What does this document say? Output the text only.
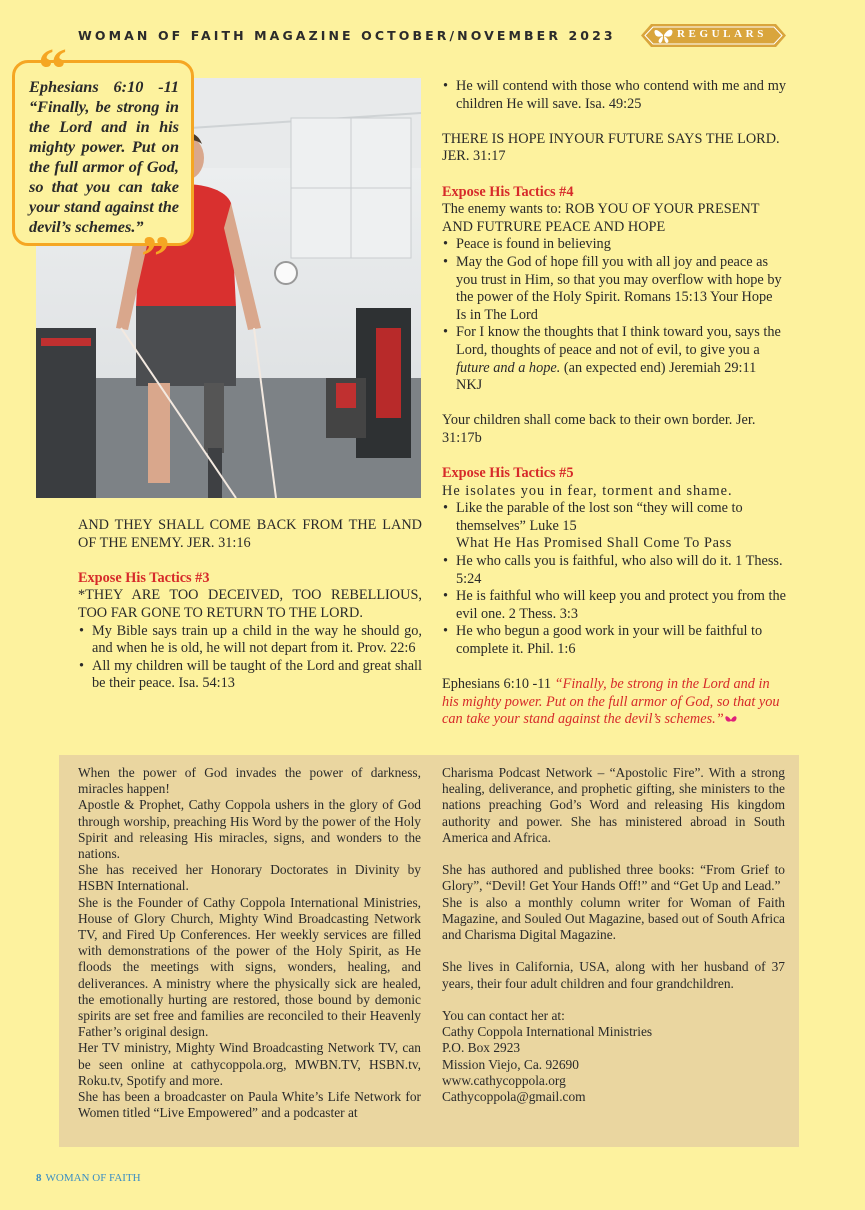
WOMAN OF FAITH MAGAZINE OCTOBER/NOVEMBER 2023	REGULARS

Ephesians 6:10 -11 “Finally, be strong in the Lord and in his mighty power. Put on the full armor of God, so that you can take your stand against the devil’s schemes.”

“
”

AND THEY SHALL COME BACK FROM THE LAND OF THE ENEMY. JER. 31:16

Expose His Tactics #3

*THEY ARE TOO DECEIVED, TOO REBELLIOUS, TOO FAR GONE TO RETURN TO THE LORD.

• My Bible says train up a child in the way he should go, and when he is old, he will not depart from it. Prov. 22:6
• All my children will be taught of the Lord and great shall be their peace. Isa. 54:13
• He will contend with those who contend with me and my children He will save. Isa. 49:25

THERE IS HOPE INYOUR FUTURE SAYS THE LORD. JER. 31:17

Expose His Tactics #4

The enemy wants to: ROB YOU OF YOUR PRESENT AND FUTRURE PEACE AND HOPE

• Peace is found in believing
• May the God of hope fill you with all joy and peace as you trust in Him, so that you may overflow with hope by the power of the Holy Spirit. Romans 15:13 Your Hope Is in The Lord
• For I know the thoughts that I think toward you, says the Lord, thoughts of peace and not of evil, to give you a future and a hope. (an expected end) Jeremiah 29:11 NKJ

Your children shall come back to their own border. Jer. 31:17b

Expose His Tactics #5

He isolates you in fear, torment and shame.

• Like the parable of the lost son “they will come to themselves” Luke 15
What He Has Promised Shall Come To Pass
• He who calls you is faithful, who also will do it. 1 Thess. 5:24
• He is faithful who will keep you and protect you from the evil one. 2 Thess. 3:3
• He who begun a good work in your will be faithful to complete it. Phil. 1:6

Ephesians 6:10 -11 “Finally, be strong in the Lord and in his mighty power. Put on the full armor of God, so that you can take your stand against the devil’s schemes.”

When the power of God invades the power of darkness, miracles happen!

Apostle & Prophet, Cathy Coppola ushers in the glory of God through worship, preaching His Word by the power of the Holy Spirit and releasing His miracles, signs, and wonders to the nations.

She has received her Honorary Doctorates in Divinity by HSBN International.

She is the Founder of Cathy Coppola International Ministries, House of Glory Church, Mighty Wind Broadcasting Network TV, and Fired Up Conferences. Her weekly services are filled with demonstrations of the power of the Holy Spirit, as He floods the meetings with signs, wonders, healing, and deliverances. A ministry where the physically sick are healed, the emotionally hurting are restored, those bound by demonic spirits are set free and families are reconciled to their Heavenly Father’s original design.

Her TV ministry, Mighty Wind Broadcasting Network TV, can be seen online at cathycoppola.org, MWBN.TV, HSBN.tv, Roku.tv, Spotify and more.

She has been a broadcaster on Paula White’s Life Network for Women titled “Live Empowered” and a podcaster at

Charisma Podcast Network – “Apostolic Fire”. With a strong healing, deliverance, and prophetic gifting, she ministers to the nations preaching God’s Word and releasing His kingdom authority and power. She has ministered abroad in South America and Africa.

She has authored and published three books: “From Grief to Glory”, “Devil! Get Your Hands Off!” and “Get Up and Lead.”

She is also a monthly column writer for Woman of Faith Magazine, and Souled Out Magazine, based out of South Africa and Charisma Digital Magazine.

She lives in California, USA, along with her husband of 37 years, their four adult children and four grandchildren.

You can contact her at:

Cathy Coppola International Ministries

P.O. Box 2923

Mission Viejo, Ca. 92690

www.cathycoppola.org

Cathycoppola@gmail.com

8 WOMAN OF FAITH
